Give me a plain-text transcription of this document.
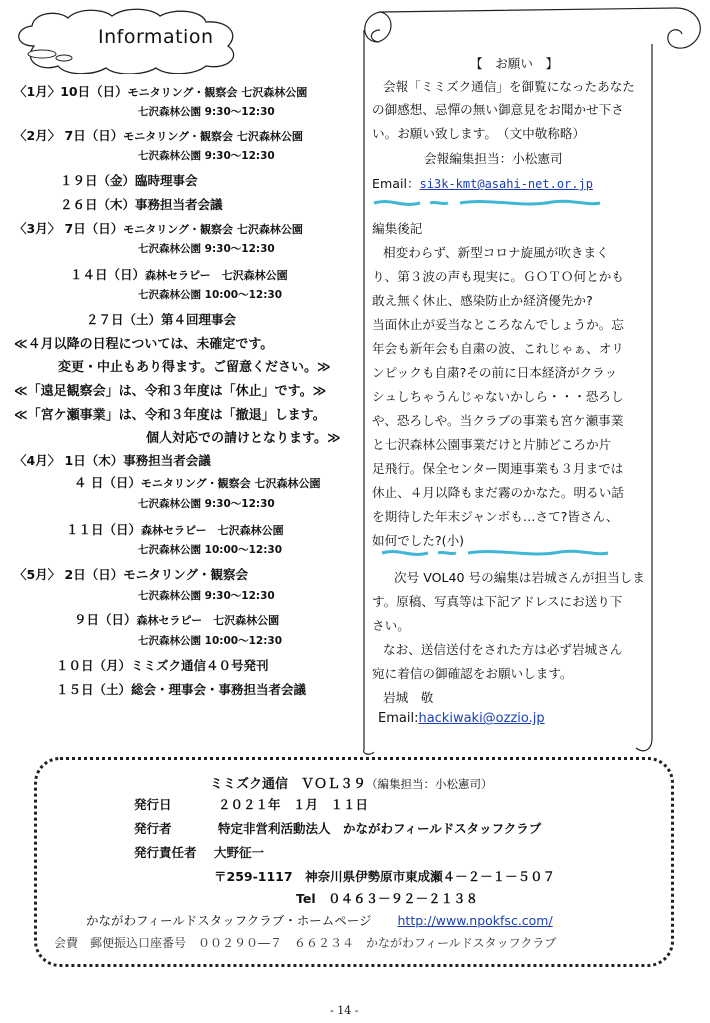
Information
〈1月〉10日（日）モニタリング・観察会 七沢森林公園
七沢森林公園 9:30～12:30
〈2月〉 7日（日）モニタリング・観察会 七沢森林公園
七沢森林公園 9:30～12:30
１９日（金）臨時理事会
２６日（木）事務担当者会議
〈3月〉 7日（日）モニタリング・観察会 七沢森林公園
七沢森林公園 9:30～12:30
１４日（日）森林セラピー　七沢森林公園
七沢森林公園 10:00～12:30
２７日（土）第４回理事会
≪４月以降の日程については、未確定です。
変更・中止もあり得ます。ご留意ください。≫
≪「遠足観察会」は、令和３年度は「休止」です。≫
≪「宮ケ瀬事業」は、令和３年度は「撤退」します。
個人対応での請けとなります。≫
〈4月〉 1日（木）事務担当者会議
４ 日（日）モニタリング・観察会 七沢森林公園
七沢森林公園 9:30～12:30
１１日（日）森林セラピー　七沢森林公園
七沢森林公園 10:00～12:30
〈5月〉 2日（日）モニタリング・観察会
七沢森林公園 9:30～12:30
９日（日）森林セラピー　七沢森林公園
七沢森林公園 10:00～12:30
１０日（月）ミミズク通信４０号発刊
１５日（土）総会・理事会・事務担当者会議
【　お願い　】
会報「ミミズク通信」を御覧になったあなた
の御感想、忌憚の無い御意見をお聞かせ下さ
い。お願い致します。　（文中敬称略）
会報編集担当：小松憲司
Email：si3k-kmt@asahi-net.or.jp
編集後記
相変わらず、新型コロナ旋風が吹きまく
り、第３波の声も現実に。ＧＯＴＯ何とかも
敢え無く休止、感染防止か経済優先か?
当面休止が妥当なところなんでしょうか。忘
年会も新年会も自粛の波、これじゃぁ、オリ
ンピックも自粛?その前に日本経済がクラッ
シュしちゃうんじゃないかしら・・・恐ろし
や、恐ろしや。当クラブの事業も宮ケ瀬事業
と七沢森林公園事業だけと片肺どころか片
足飛行。保全センター関連事業も３月までは
休止、４月以降もまだ霧のかなた。明るい話
を期待した年末ジャンボも…さて?皆さん、
如何でした?(小)
次号 VOL40 号の編集は岩城さんが担当しま
す。原稿、写真等は下記アドレスにお送り下
さい。
なお、送信送付をされた方は必ず岩城さん
宛に着信の御確認をお願いします。
岩城　敬
Email:hackiwaki@ozzio.jp
ミミズク通信　ＶＯＬ３９（編集担当：小松憲司）
発行日	２０２１年　１月　１１日
発行者	特定非営利活動法人　かながわフィールドスタッフクラブ
発行責任者 大野征一
〒259-1117　神奈川県伊勢原市東成瀬４－２－１－５０７
Tel　０４６３－９２－２１３８
かながわフィールドスタッフクラブ・ホームページ http://www.npokfsc.com/
会費　郵便振込口座番号　００２９０―７　６６２３４　かながわフィールドスタッフクラブ
- 14 -
